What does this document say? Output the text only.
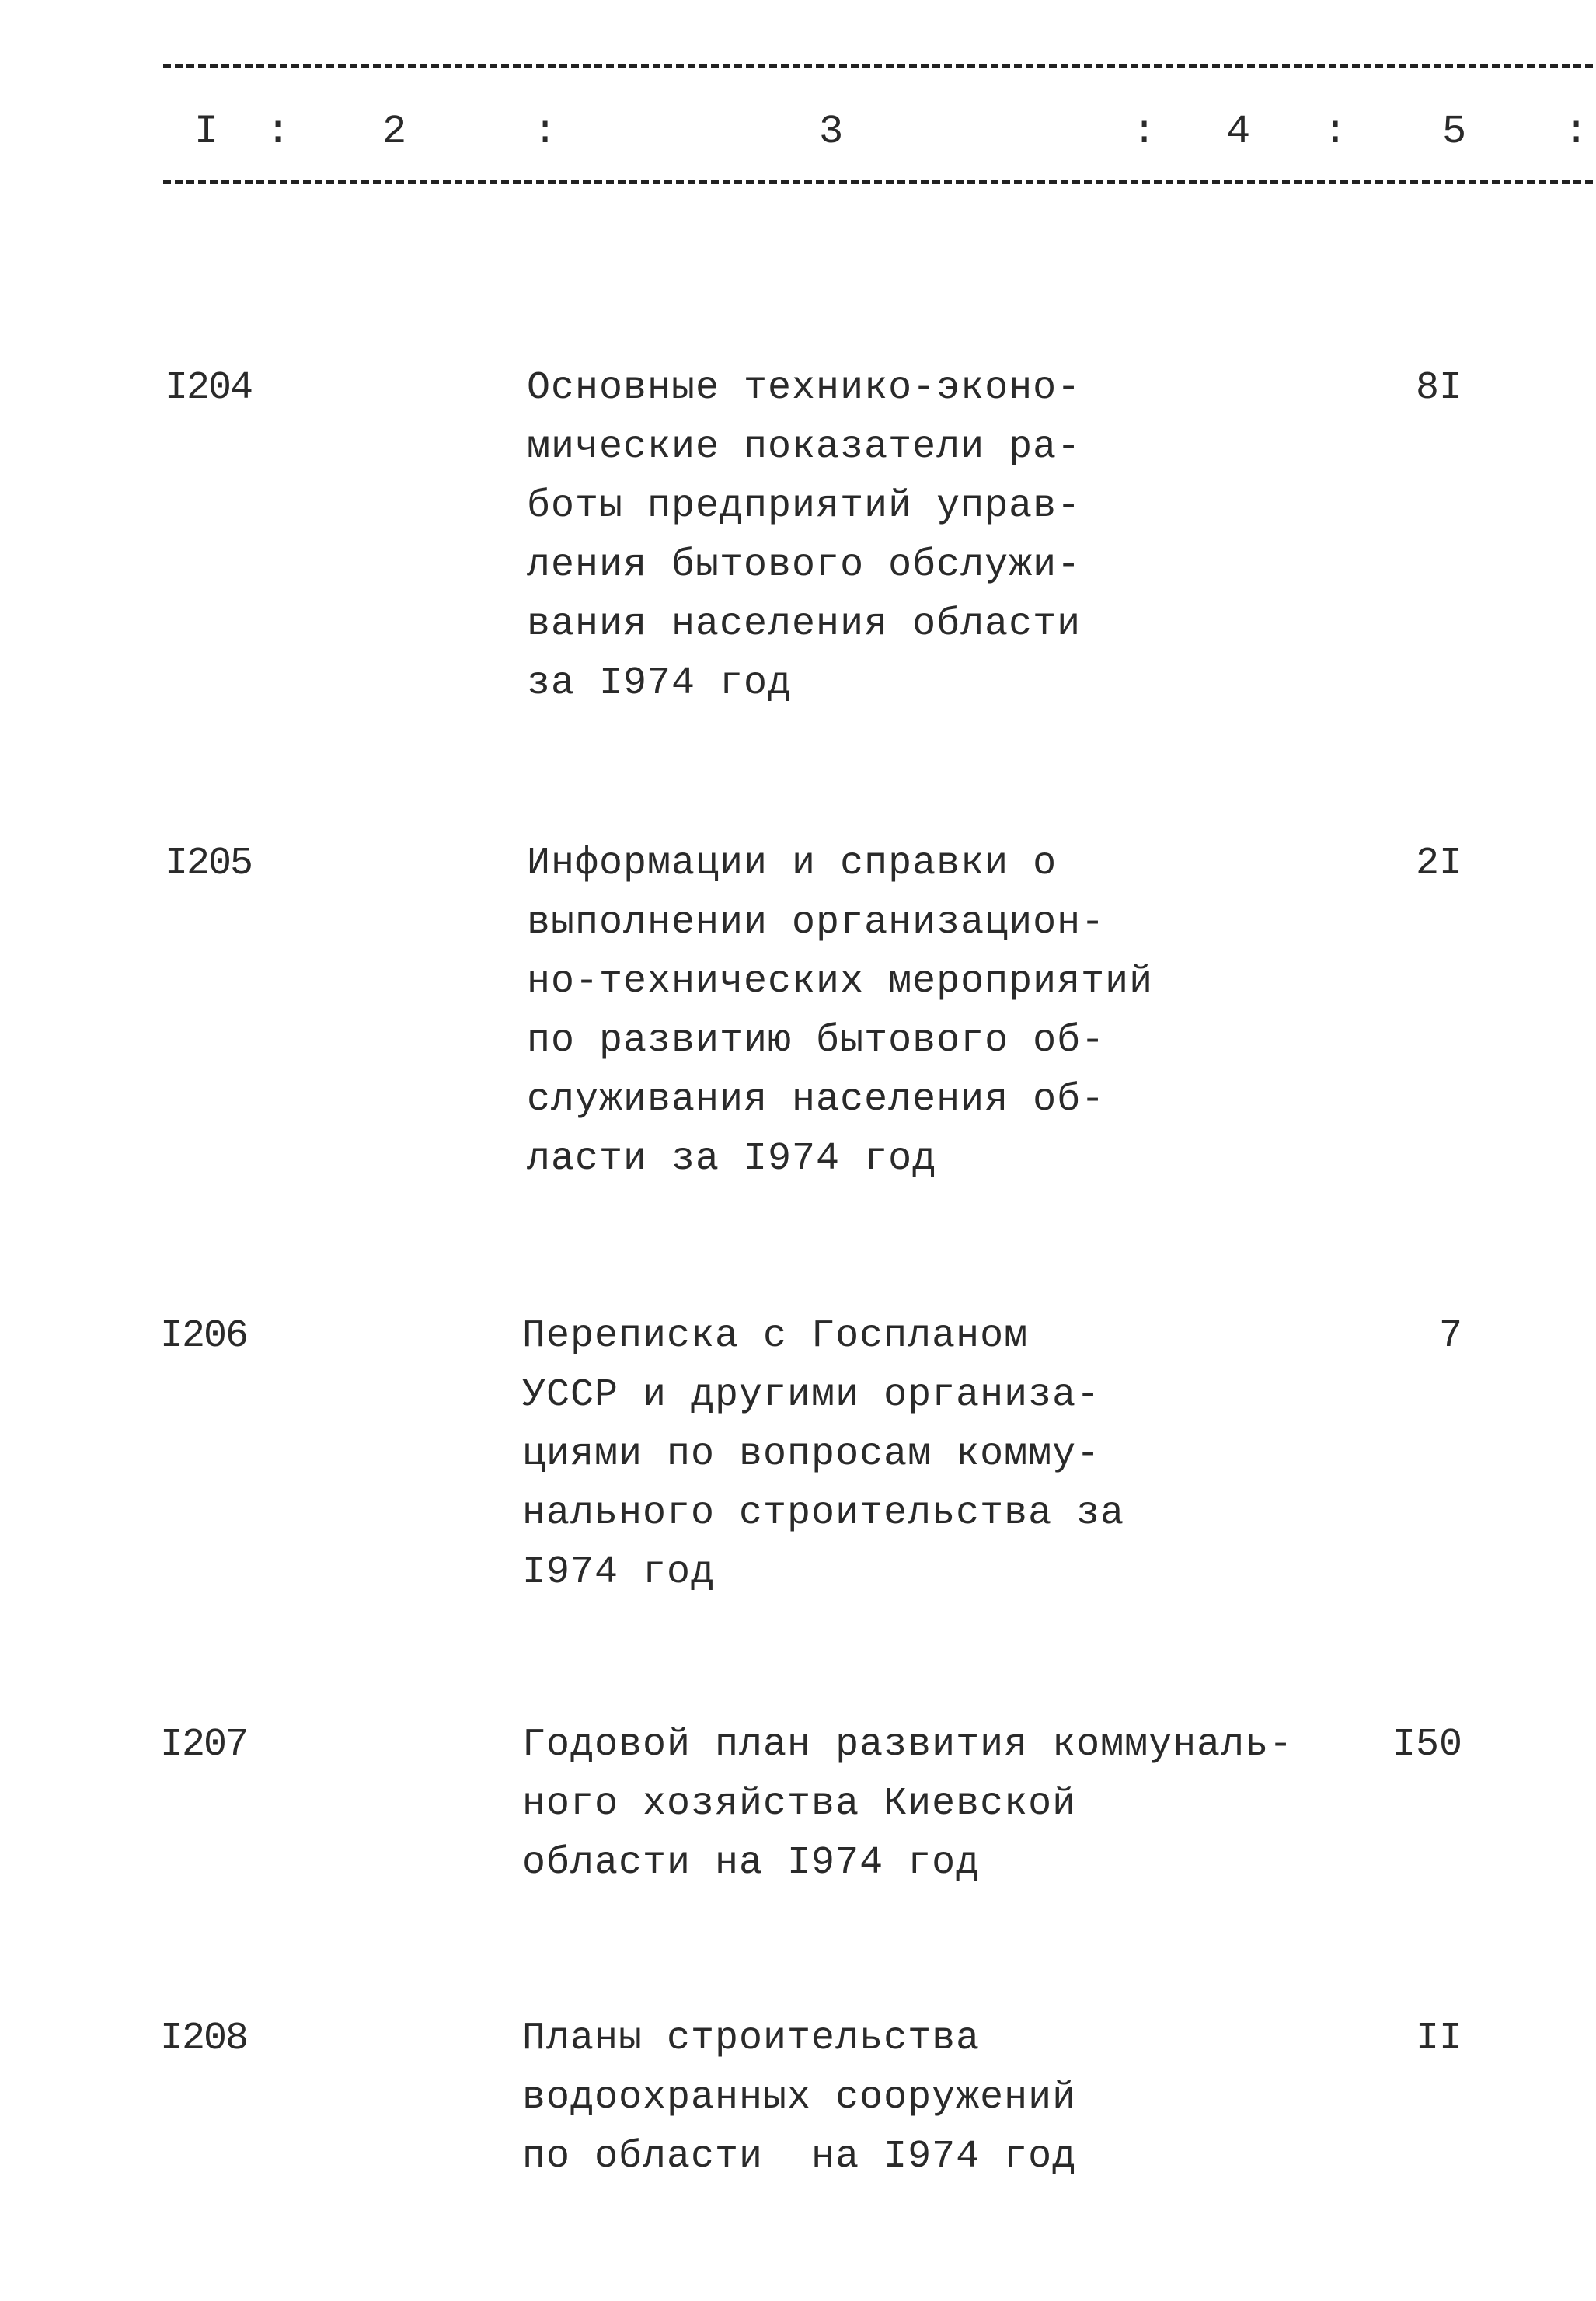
I : 2	:	3	: 4 : 5 :
I204	Основные технико-эконо-
мические показатели ра-
боты предприятий управ-
ления бытового обслужи-
вания населения области
за I974 год
8I
I205	Информации и справки о
выполнении организацион-
но-технических мероприятий
по развитию бытового об-
служивания населения об-
ласти за I974 год
2I
I206	Переписка с Госпланом
УССР и другими организа-
циями по вопросам комму-
нального строительства за
I974 год
7
I207	Годовой план развития коммуналь-
ного хозяйства Киевской
области на I974 год
I50
I208	Планы строительства
водоохранных сооружений
по области  на I974 год
II
